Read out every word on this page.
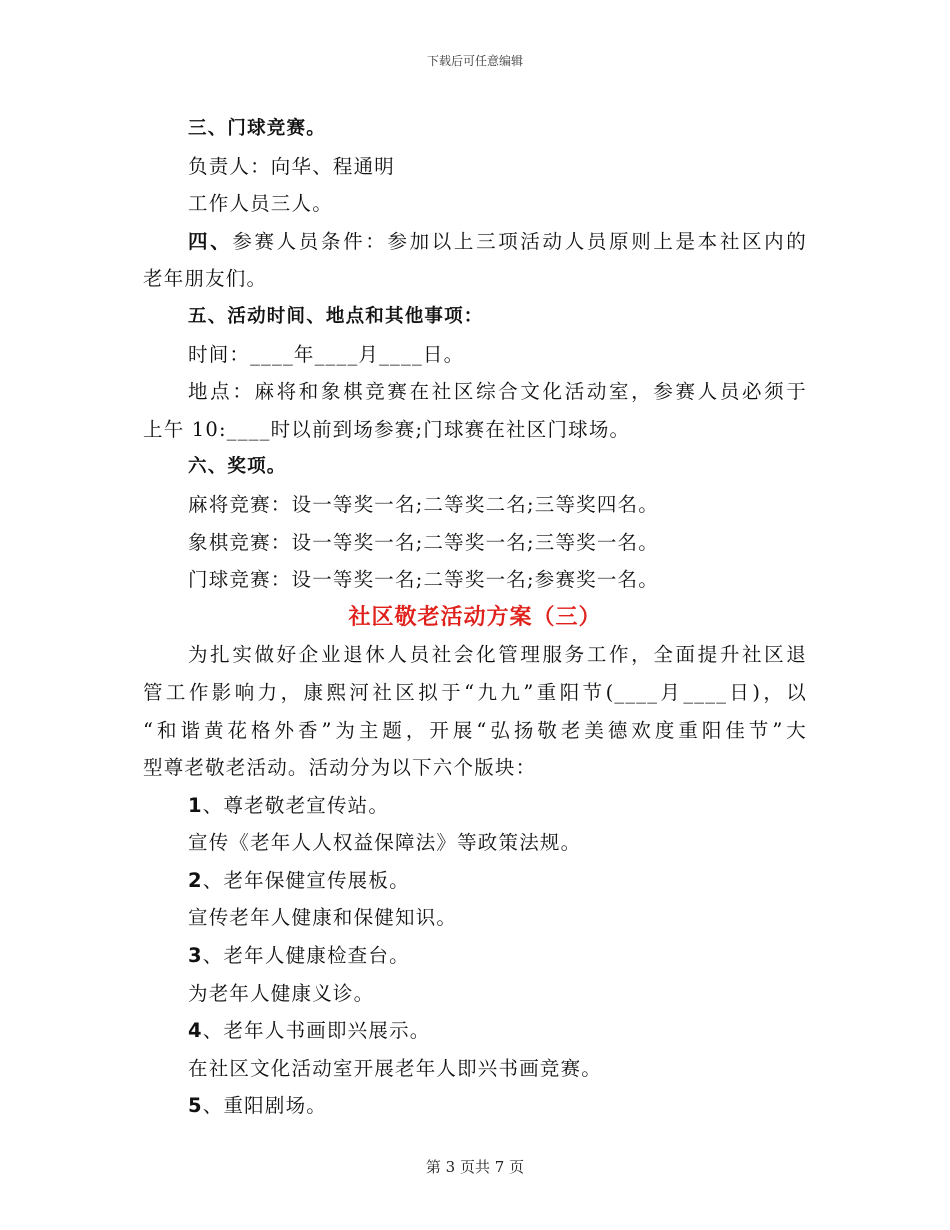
下载后可任意编辑
三、门球竞赛。
负责人：向华、程通明
工作人员三人。
四、参赛人员条件：参加以上三项活动人员原则上是本社区内的
老年朋友们。
五、活动时间、地点和其他事项：
时间：____年____月____日。
地点：麻将和象棋竞赛在社区综合文化活动室，参赛人员必须于
上午 10:____时以前到场参赛;门球赛在社区门球场。
六、奖项。
麻将竞赛：设一等奖一名;二等奖二名;三等奖四名。
象棋竞赛：设一等奖一名;二等奖一名;三等奖一名。
门球竞赛：设一等奖一名;二等奖一名;参赛奖一名。
社区敬老活动方案（三）
为扎实做好企业退休人员社会化管理服务工作，全面提升社区退
管工作影响力，康熙河社区拟于“九九”重阳节(____月____日)，以
“和谐黄花格外香”为主题，开展“弘扬敬老美德欢度重阳佳节”大
型尊老敬老活动。活动分为以下六个版块：
1、尊老敬老宣传站。
宣传《老年人人权益保障法》等政策法规。
2、老年保健宣传展板。
宣传老年人健康和保健知识。
3、老年人健康检查台。
为老年人健康义诊。
4、老年人书画即兴展示。
在社区文化活动室开展老年人即兴书画竞赛。
5、重阳剧场。
第 3 页共 7 页
